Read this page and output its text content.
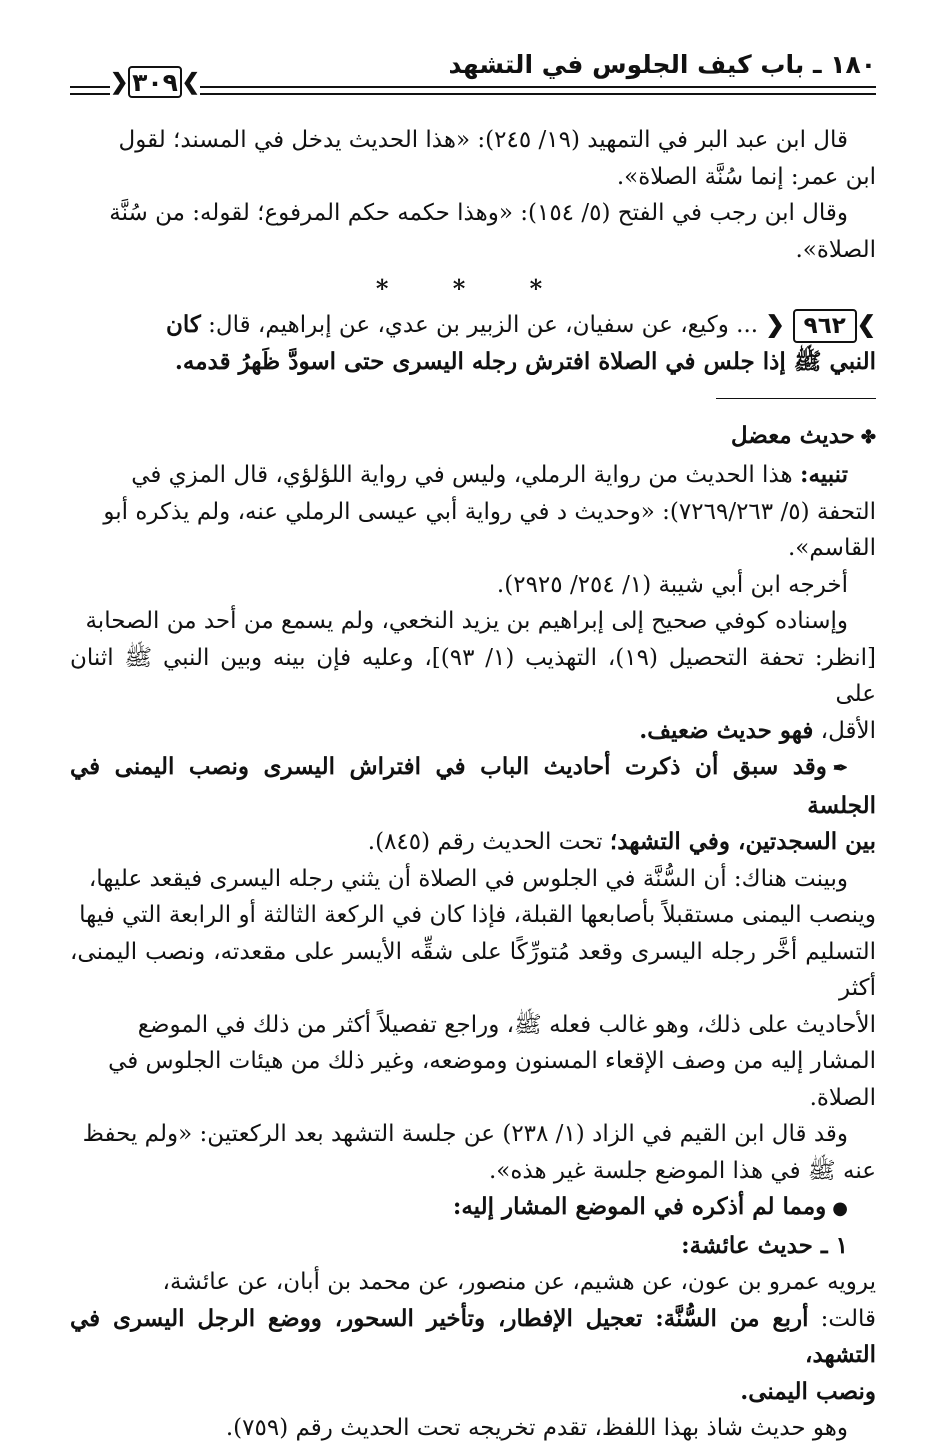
١٨٠ ـ باب كيف الجلوس في التشهد
❯
٣٠٩
❮

قال ابن عبد البر في التمهيد (١٩/ ٢٤٥): «هذا الحديث يدخل في المسند؛ لقول

ابن عمر: إنما سُنَّة الصلاة».

وقال ابن رجب في الفتح (٥/ ١٥٤): «وهذا حكمه حكم المرفوع؛ لقوله: من سُنَّة

الصلاة».

* * *

❯٩٦٢❮ ... وكيع، عن سفيان، عن الزبير بن عدي، عن إبراهيم، قال: كان

النبي ﷺ إذا جلس في الصلاة افترش رجله اليسرى حتى اسودَّ ظَهرُ قدمه.

✤حديث معضل

تنبيه: هذا الحديث من رواية الرملي، وليس في رواية اللؤلؤي، قال المزي في

التحفة (٥/ ٧٢٦٩/٢٦٣): «وحديث د في رواية أبي عيسى الرملي عنه، ولم يذكره أبو

القاسم».

أخرجه ابن أبي شيبة (١/ ٢٥٤/ ٢٩٢٥).

وإسناده كوفي صحيح إلى إبراهيم بن يزيد النخعي، ولم يسمع من أحد من الصحابة

[انظر: تحفة التحصيل (١٩)، التهذيب (١/ ٩٣)]، وعليه فإن بينه وبين النبي ﷺ اثنان على

الأقل، فهو حديث ضعيف.

✒وقد سبق أن ذكرت أحاديث الباب في افتراش اليسرى ونصب اليمنى في الجلسة

بين السجدتين، وفي التشهد؛ تحت الحديث رقم (٨٤٥).

وبينت هناك: أن السُّنَّة في الجلوس في الصلاة أن يثني رجله اليسرى فيقعد عليها،

وينصب اليمنى مستقبلاً بأصابعها القبلة، فإذا كان في الركعة الثالثة أو الرابعة التي فيها

التسليم أخَّر رجله اليسرى وقعد مُتورِّكًا على شقِّه الأيسر على مقعدته، ونصب اليمنى، أكثر

الأحاديث على ذلك، وهو غالب فعله ﷺ، وراجع تفصيلاً أكثر من ذلك في الموضع

المشار إليه من وصف الإقعاء المسنون وموضعه، وغير ذلك من هيئات الجلوس في

الصلاة.

وقد قال ابن القيم في الزاد (١/ ٢٣٨) عن جلسة التشهد بعد الركعتين: «ولم يحفظ

عنه ﷺ في هذا الموضع جلسة غير هذه».

●ومما لم أذكره في الموضع المشار إليه:

١ ـ حديث عائشة:

يرويه عمرو بن عون، عن هشيم، عن منصور، عن محمد بن أبان، عن عائشة،

قالت: أربع من السُّنَّة: تعجيل الإفطار، وتأخير السحور، ووضع الرجل اليسرى في التشهد،

ونصب اليمنى.

وهو حديث شاذ بهذا اللفظ، تقدم تخريجه تحت الحديث رقم (٧٥٩).
